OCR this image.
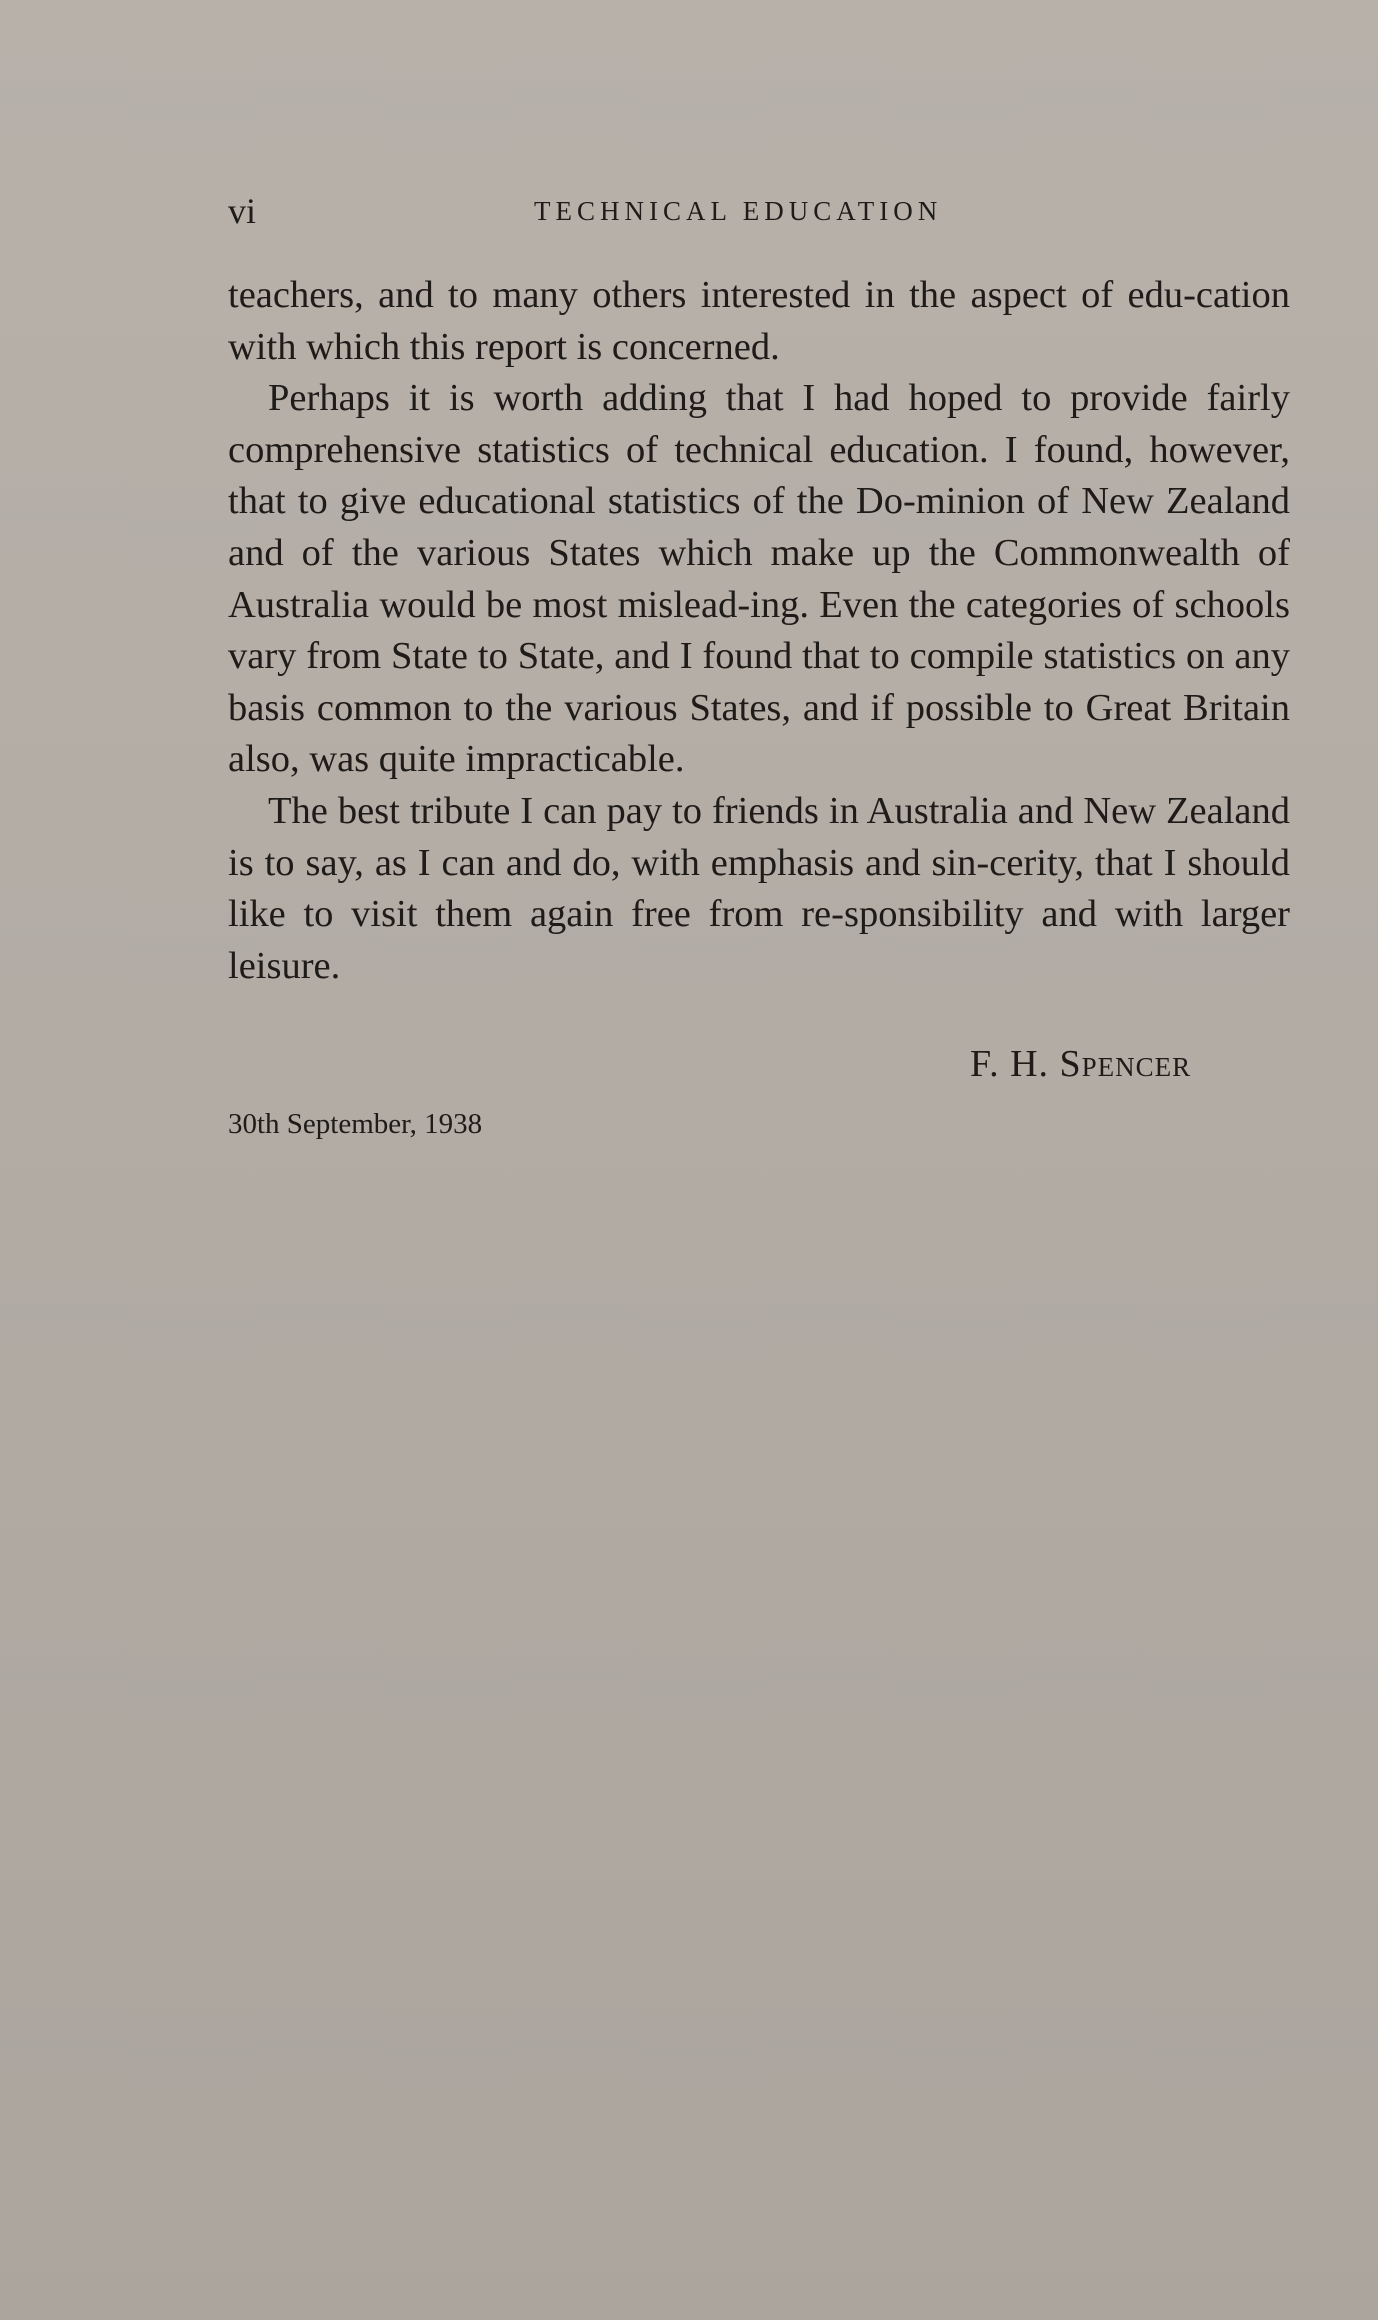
vi	TECHNICAL EDUCATION

teachers, and to many others interested in the aspect of edu-cation with which this report is concerned.

Perhaps it is worth adding that I had hoped to provide fairly comprehensive statistics of technical education. I found, however, that to give educational statistics of the Do-minion of New Zealand and of the various States which make up the Commonwealth of Australia would be most mislead-ing. Even the categories of schools vary from State to State, and I found that to compile statistics on any basis common to the various States, and if possible to Great Britain also, was quite impracticable.

The best tribute I can pay to friends in Australia and New Zealand is to say, as I can and do, with emphasis and sin-cerity, that I should like to visit them again free from re-sponsibility and with larger leisure.

F. H. Spencer
30th September, 1938
